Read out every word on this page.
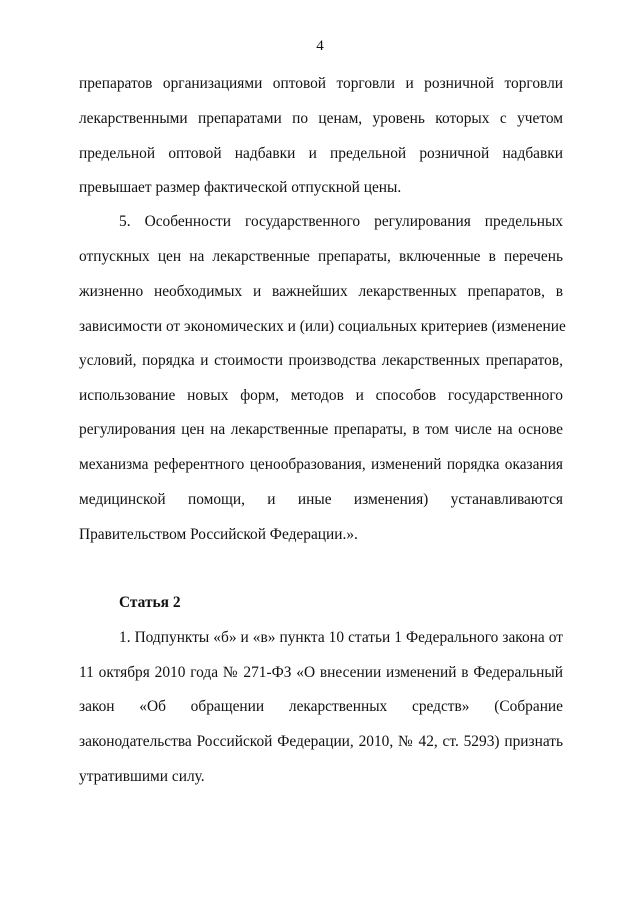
4
препаратов организациями оптовой торговли и розничной торговли
лекарственными препаратами по ценам, уровень которых с учетом
предельной оптовой надбавки и предельной розничной надбавки
превышает размер фактической отпускной цены.
5. Особенности государственного регулирования предельных
отпускных цен на лекарственные препараты, включенные в перечень
жизненно необходимых и важнейших лекарственных препаратов, в
зависимости от экономических и (или) социальных критериев (изменение
условий, порядка и стоимости производства лекарственных препаратов,
использование новых форм, методов и способов государственного
регулирования цен на лекарственные препараты, в том числе на основе
механизма референтного ценообразования, изменений порядка оказания
медицинской помощи, и иные изменения) устанавливаются
Правительством Российской Федерации.».
Статья 2
1. Подпункты «б» и «в» пункта 10 статьи 1 Федерального закона от
11 октября 2010 года № 271-ФЗ «О внесении изменений в Федеральный
закон «Об обращении лекарственных средств» (Собрание
законодательства Российской Федерации, 2010, № 42, ст. 5293) признать
утратившими силу.
